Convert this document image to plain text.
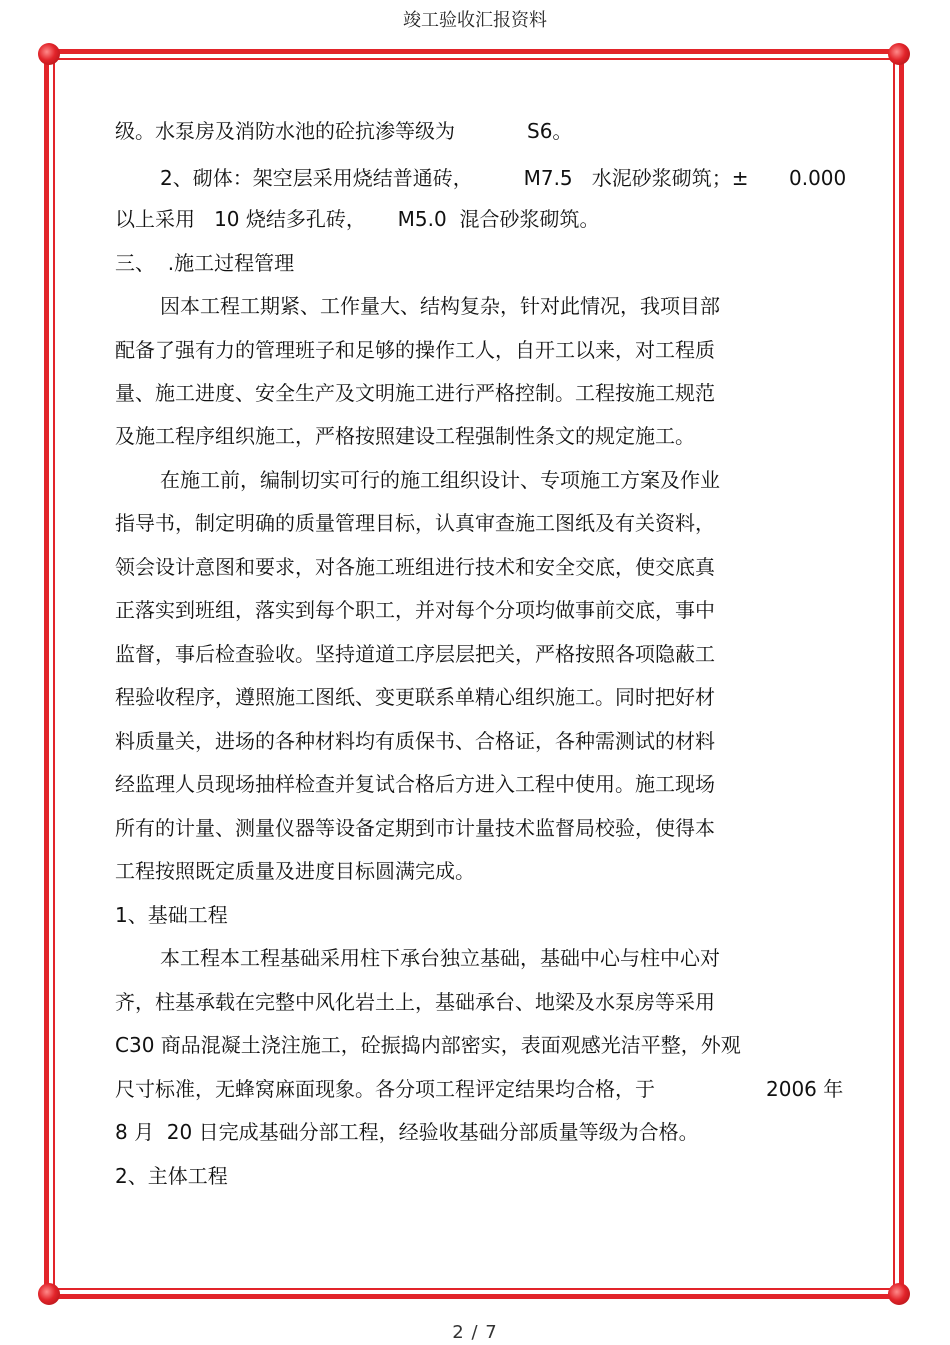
竣工验收汇报资料
级。水泵房及消防水池的砼抗渗等级为	S6。
2、砌体：架空层采用烧结普通砖，        M7.5   水泥砂浆砌筑；± 0.000
以上采用   10 烧结多孔砖，     M5.0  混合砂浆砌筑。
三、  .施工过程管理
因本工程工期紧、工作量大、结构复杂，针对此情况，我项目部
配备了强有力的管理班子和足够的操作工人，自开工以来，对工程质
量、施工进度、安全生产及文明施工进行严格控制。工程按施工规范
及施工程序组织施工，严格按照建设工程强制性条文的规定施工。
在施工前，编制切实可行的施工组织设计、专项施工方案及作业
指导书，制定明确的质量管理目标，认真审查施工图纸及有关资料，
领会设计意图和要求，对各施工班组进行技术和安全交底，使交底真
正落实到班组，落实到每个职工，并对每个分项均做事前交底，事中
监督，事后检查验收。坚持道道工序层层把关，严格按照各项隐蔽工
程验收程序，遵照施工图纸、变更联系单精心组织施工。同时把好材
料质量关，进场的各种材料均有质保书、合格证，各种需测试的材料
经监理人员现场抽样检查并复试合格后方进入工程中使用。施工现场
所有的计量、测量仪器等设备定期到市计量技术监督局校验，使得本
工程按照既定质量及进度目标圆满完成。
1、基础工程
本工程本工程基础采用柱下承台独立基础，基础中心与柱中心对
齐，柱基承载在完整中风化岩土上，基础承台、地梁及水泵房等采用
C30 商品混凝土浇注施工，砼振捣内部密实，表面观感光洁平整，外观
尺寸标准，无蜂窝麻面现象。各分项工程评定结果均合格，于	2006 年
8 月  20 日完成基础分部工程，经验收基础分部质量等级为合格。
2、主体工程
2 / 7
